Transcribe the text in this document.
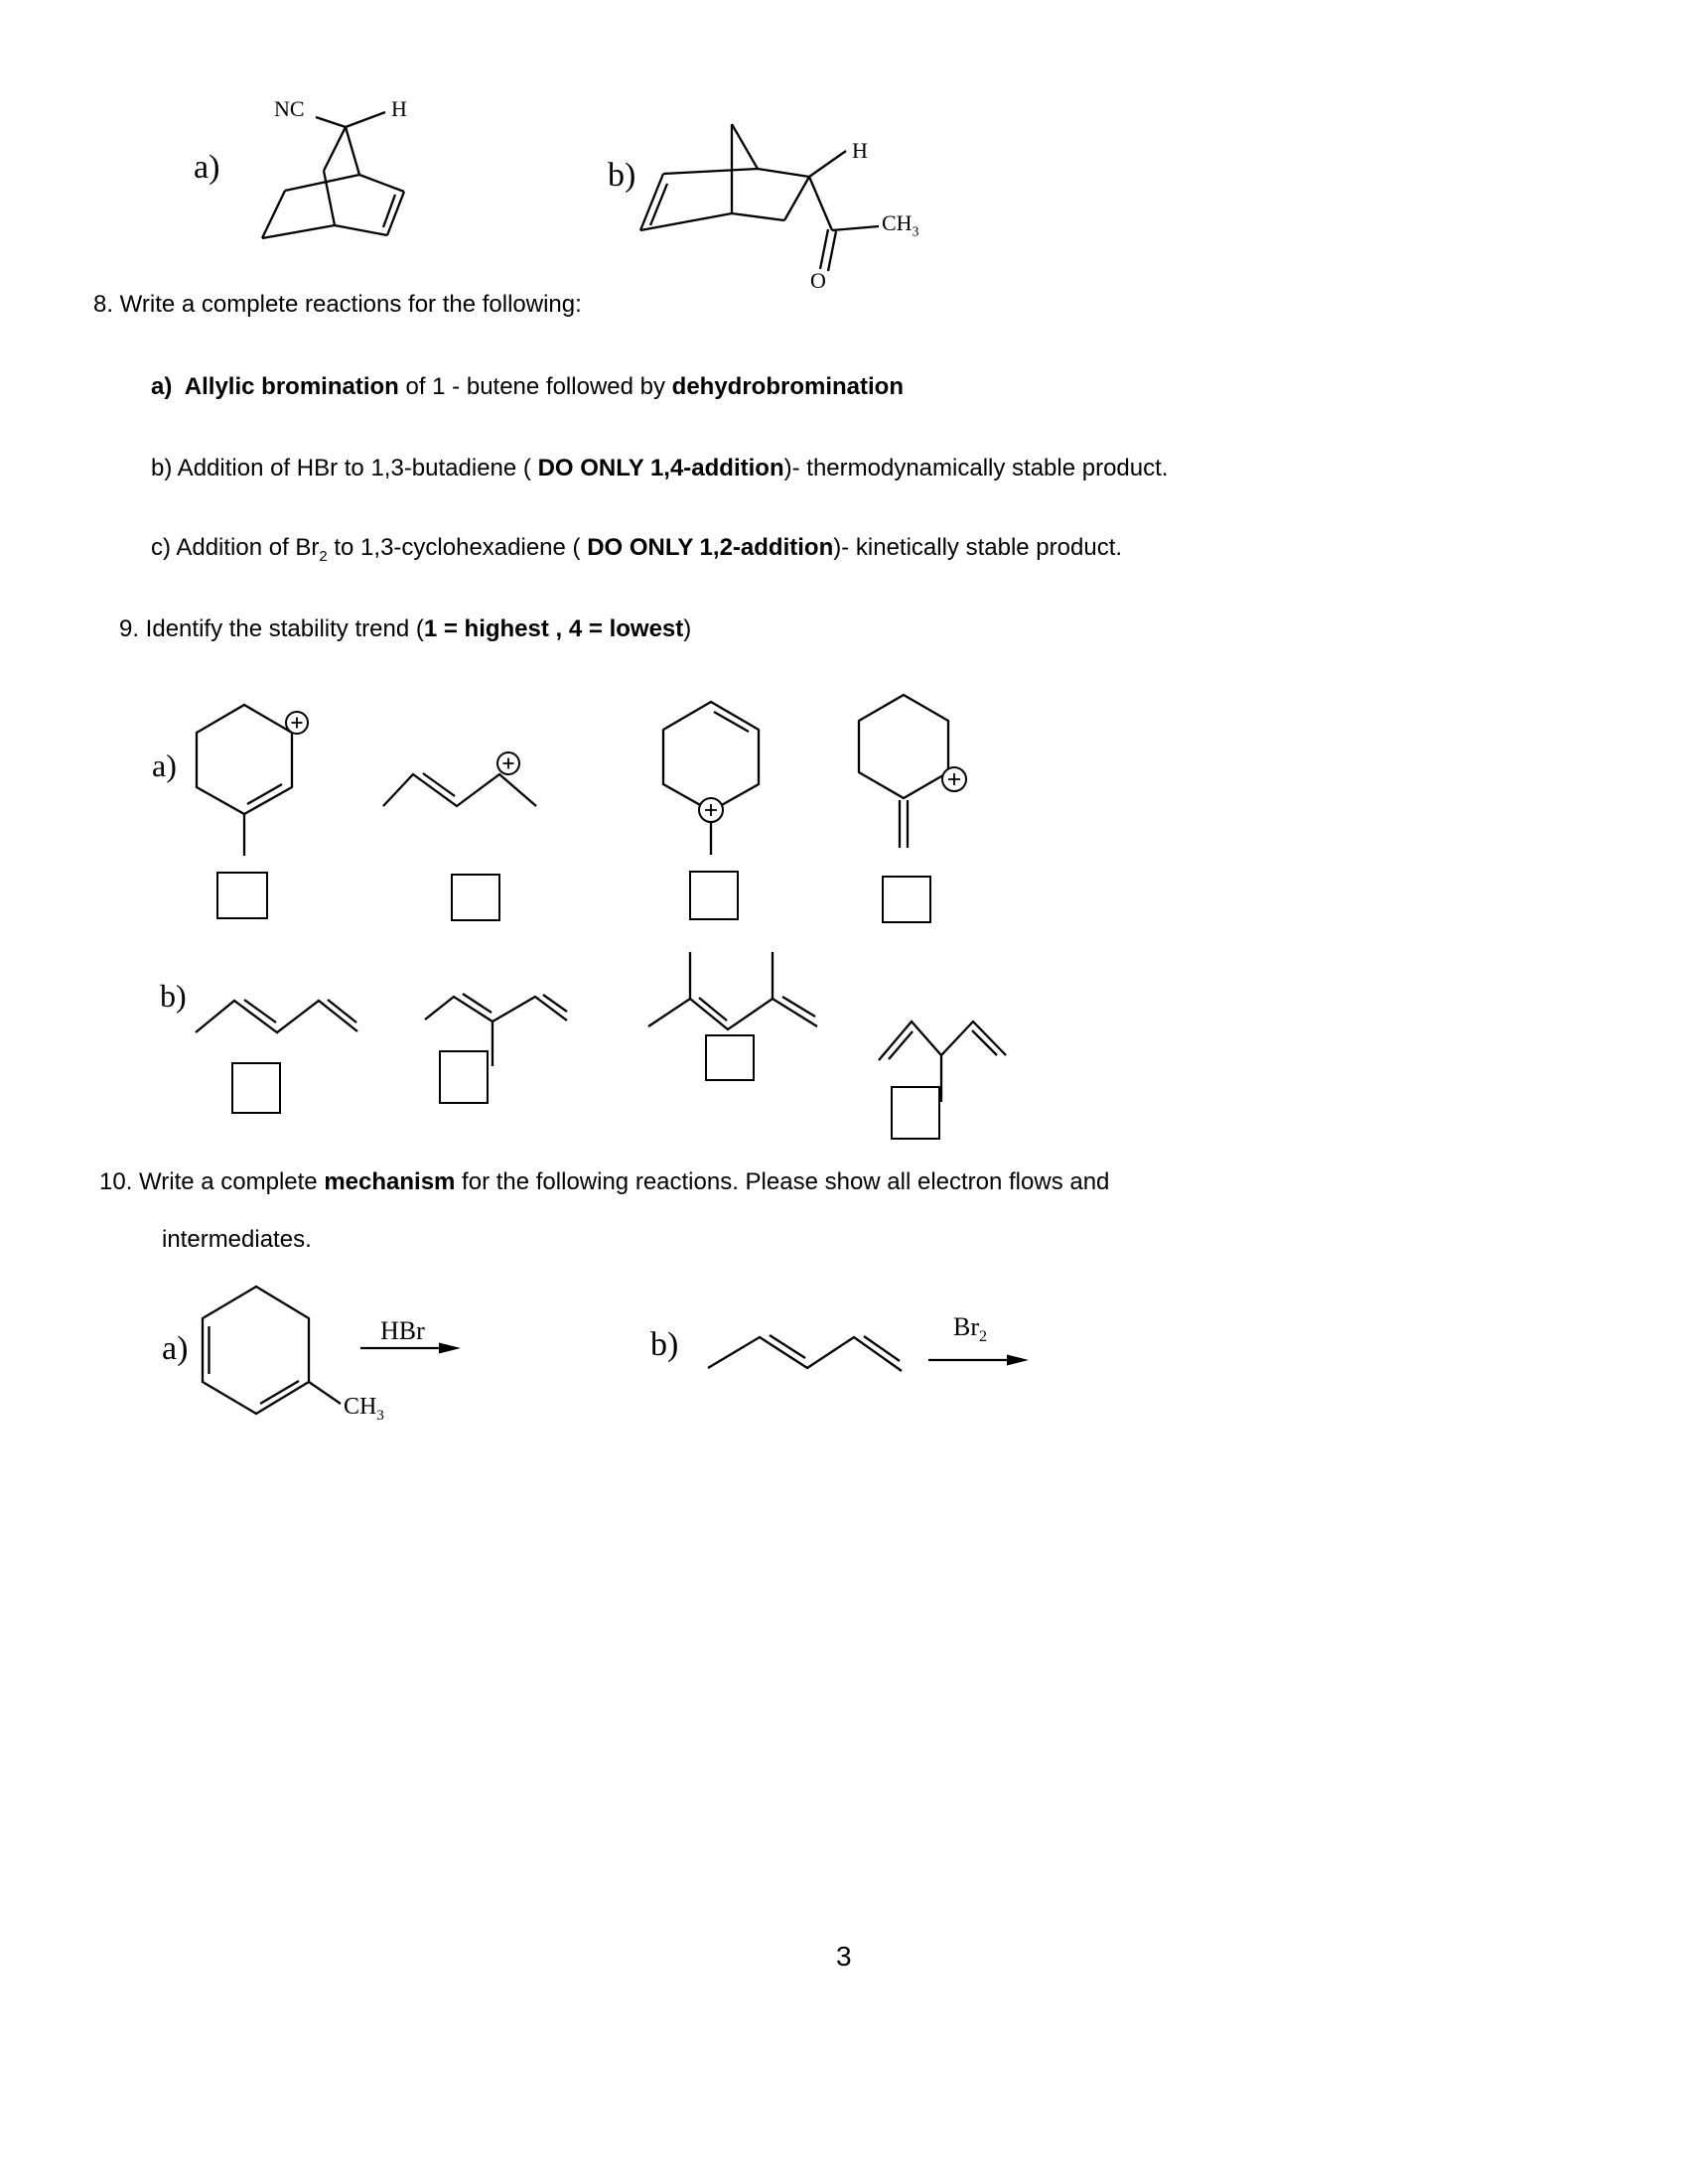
a)
NC	H
b)
H
$CH_3$
O
8. Write a complete reactions for the following:
a)  Allylic bromination of 1 - butene followed by dehydrobromination
b) Addition of HBr to 1,3-butadiene ( DO ONLY 1,4-addition)- thermodynamically stable product.
c) Addition of $Br_2$ to 1,3-cyclohexadiene ( DO ONLY 1,2-addition)- kinetically stable product.
9. Identify the stability trend (1 = highest , 4 = lowest)
a)
b)
10. Write a complete mechanism for the following reactions. Please show all electron flows and
intermediates.
a)
$CH_3$
HBr	b)	$Br_2$
3
